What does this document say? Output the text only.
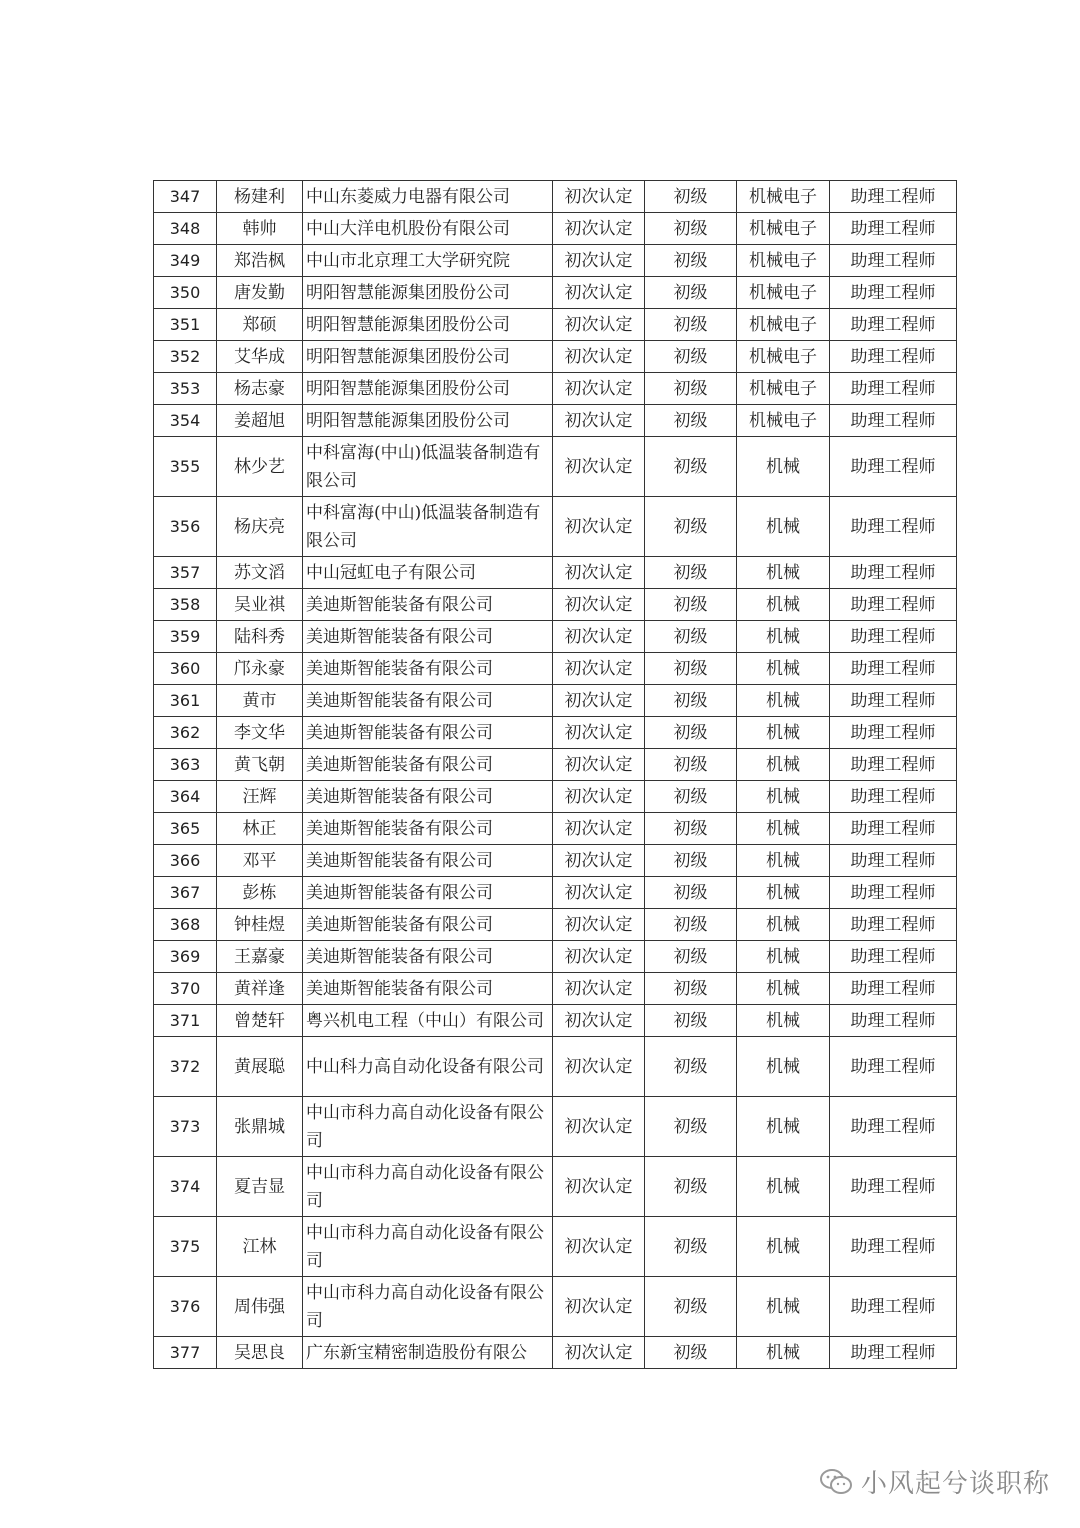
347	杨建利	中山东菱威力电器有限公司	初次认定	初级	机械电子	助理工程师
348	韩帅	中山大洋电机股份有限公司	初次认定	初级	机械电子	助理工程师
349	郑浩枫	中山市北京理工大学研究院	初次认定	初级	机械电子	助理工程师
350	唐发勤	明阳智慧能源集团股份公司	初次认定	初级	机械电子	助理工程师
351	郑硕	明阳智慧能源集团股份公司	初次认定	初级	机械电子	助理工程师
352	艾华成	明阳智慧能源集团股份公司	初次认定	初级	机械电子	助理工程师
353	杨志豪	明阳智慧能源集团股份公司	初次认定	初级	机械电子	助理工程师
354	姜超旭	明阳智慧能源集团股份公司	初次认定	初级	机械电子	助理工程师
355	林少艺	中科富海(中山)低温装备制造有限公司	初次认定	初级	机械	助理工程师
356	杨庆亮	中科富海(中山)低温装备制造有限公司	初次认定	初级	机械	助理工程师
357	苏文滔	中山冠虹电子有限公司	初次认定	初级	机械	助理工程师
358	吴业祺	美迪斯智能装备有限公司	初次认定	初级	机械	助理工程师
359	陆科秀	美迪斯智能装备有限公司	初次认定	初级	机械	助理工程师
360	邝永豪	美迪斯智能装备有限公司	初次认定	初级	机械	助理工程师
361	黄市	美迪斯智能装备有限公司	初次认定	初级	机械	助理工程师
362	李文华	美迪斯智能装备有限公司	初次认定	初级	机械	助理工程师
363	黄飞朝	美迪斯智能装备有限公司	初次认定	初级	机械	助理工程师
364	汪辉	美迪斯智能装备有限公司	初次认定	初级	机械	助理工程师
365	林正	美迪斯智能装备有限公司	初次认定	初级	机械	助理工程师
366	邓平	美迪斯智能装备有限公司	初次认定	初级	机械	助理工程师
367	彭栋	美迪斯智能装备有限公司	初次认定	初级	机械	助理工程师
368	钟桂煜	美迪斯智能装备有限公司	初次认定	初级	机械	助理工程师
369	王嘉豪	美迪斯智能装备有限公司	初次认定	初级	机械	助理工程师
370	黄祥逢	美迪斯智能装备有限公司	初次认定	初级	机械	助理工程师
371	曾楚轩	粤兴机电工程（中山）有限公司	初次认定	初级	机械	助理工程师
372	黄展聪	中山科力高自动化设备有限公司	初次认定	初级	机械	助理工程师
373	张鼎城	中山市科力高自动化设备有限公司	初次认定	初级	机械	助理工程师
374	夏吉显	中山市科力高自动化设备有限公司	初次认定	初级	机械	助理工程师
375	江林	中山市科力高自动化设备有限公司	初次认定	初级	机械	助理工程师
376	周伟强	中山市科力高自动化设备有限公司	初次认定	初级	机械	助理工程师
377	吴思良	广东新宝精密制造股份有限公	初次认定	初级	机械	助理工程师
小风起兮谈职称
